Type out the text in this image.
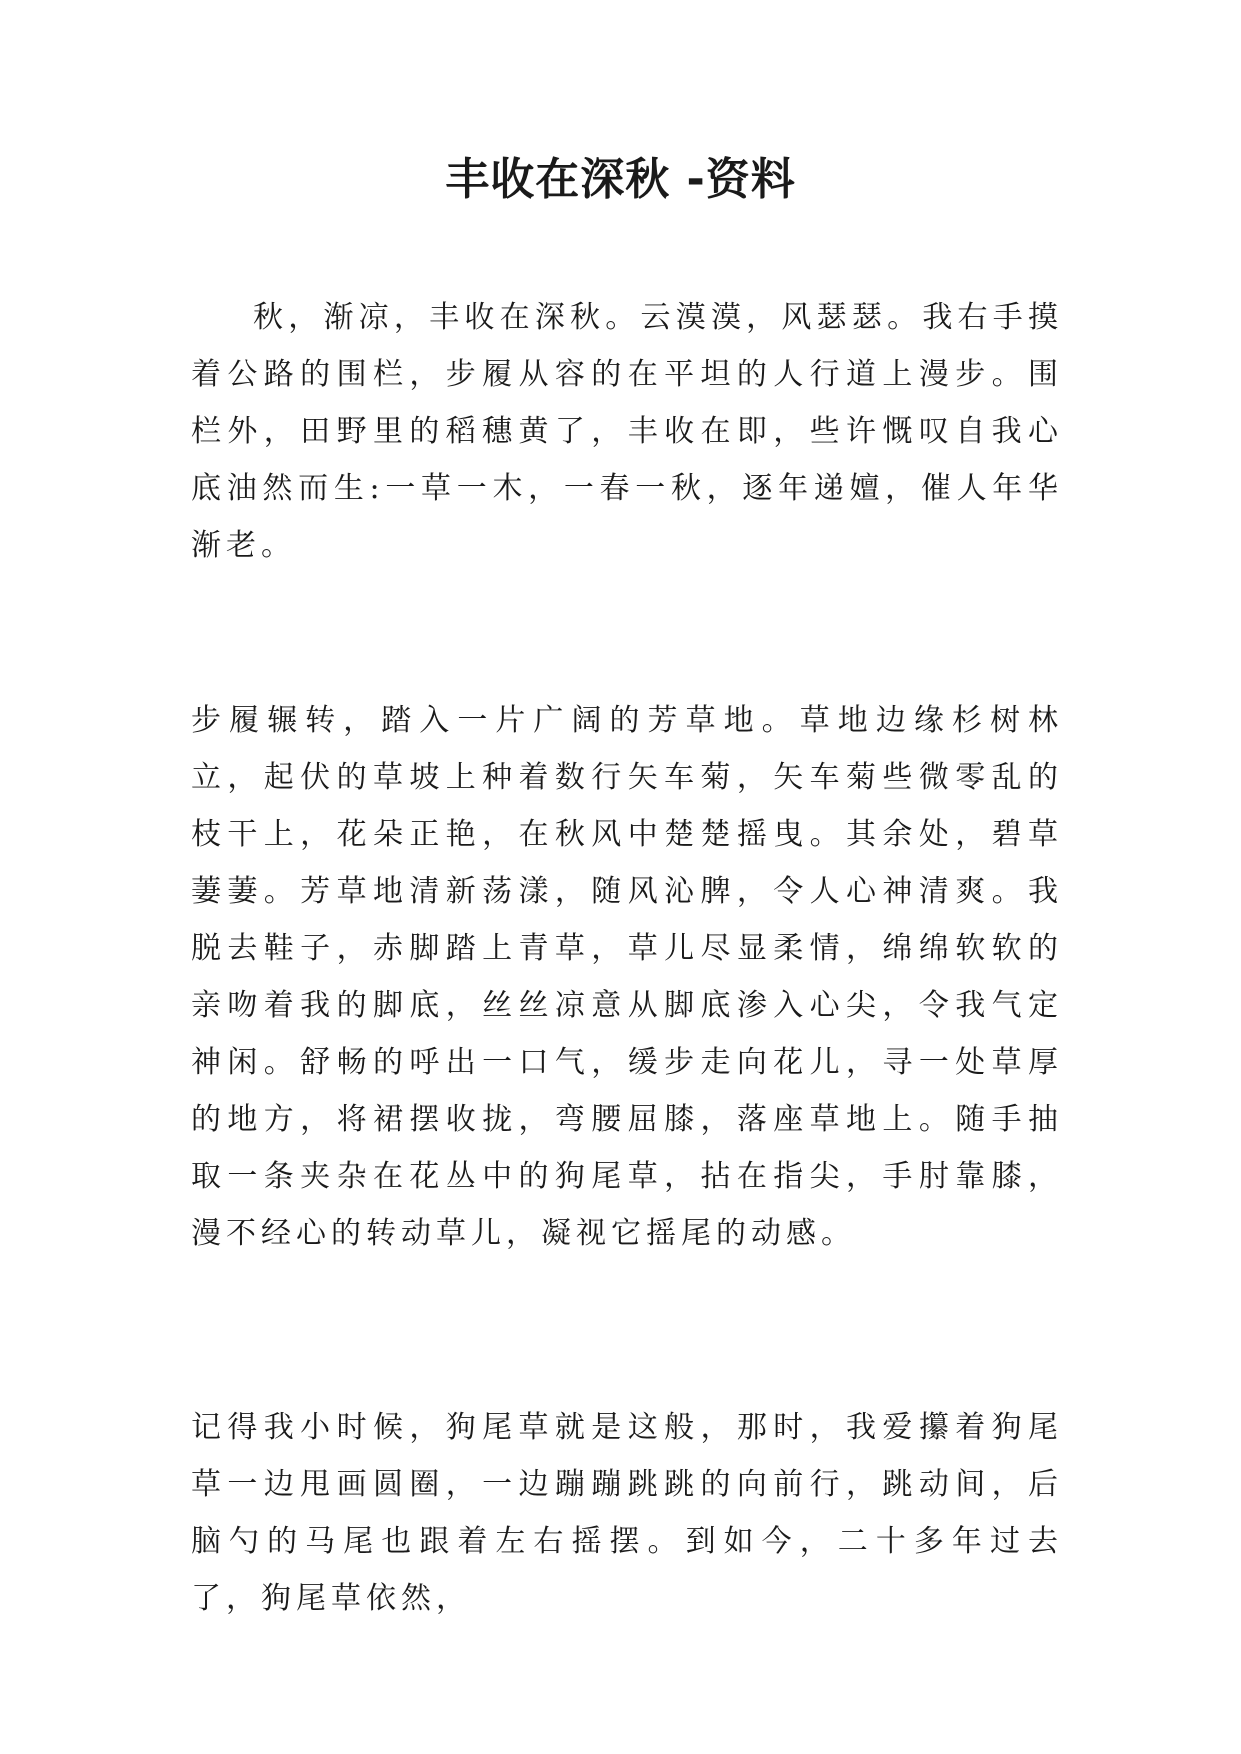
丰收在深秋 -资料

秋，渐凉，丰收在深秋。云漠漠，风瑟瑟。我右手摸着公路的围栏，步履从容的在平坦的人行道上漫步。围栏外，田野里的稻穗黄了，丰收在即，些许慨叹自我心底油然而生:一草一木，一春一秋，逐年递嬗，催人年华渐老。

步履辗转，踏入一片广阔的芳草地。草地边缘杉树林立，起伏的草坡上种着数行矢车菊，矢车菊些微零乱的枝干上，花朵正艳，在秋风中楚楚摇曳。其余处，碧草萋萋。芳草地清新荡漾，随风沁脾，令人心神清爽。我脱去鞋子，赤脚踏上青草，草儿尽显柔情，绵绵软软的亲吻着我的脚底，丝丝凉意从脚底渗入心尖，令我气定神闲。舒畅的呼出一口气，缓步走向花儿，寻一处草厚的地方，将裙摆收拢，弯腰屈膝，落座草地上。随手抽取一条夹杂在花丛中的狗尾草，拈在指尖，手肘靠膝，漫不经心的转动草儿，凝视它摇尾的动感。

记得我小时候，狗尾草就是这般，那时，我爱攥着狗尾草一边甩画圆圈，一边蹦蹦跳跳的向前行，跳动间，后脑勺的马尾也跟着左右摇摆。到如今，二十多年过去了，狗尾草依然，
